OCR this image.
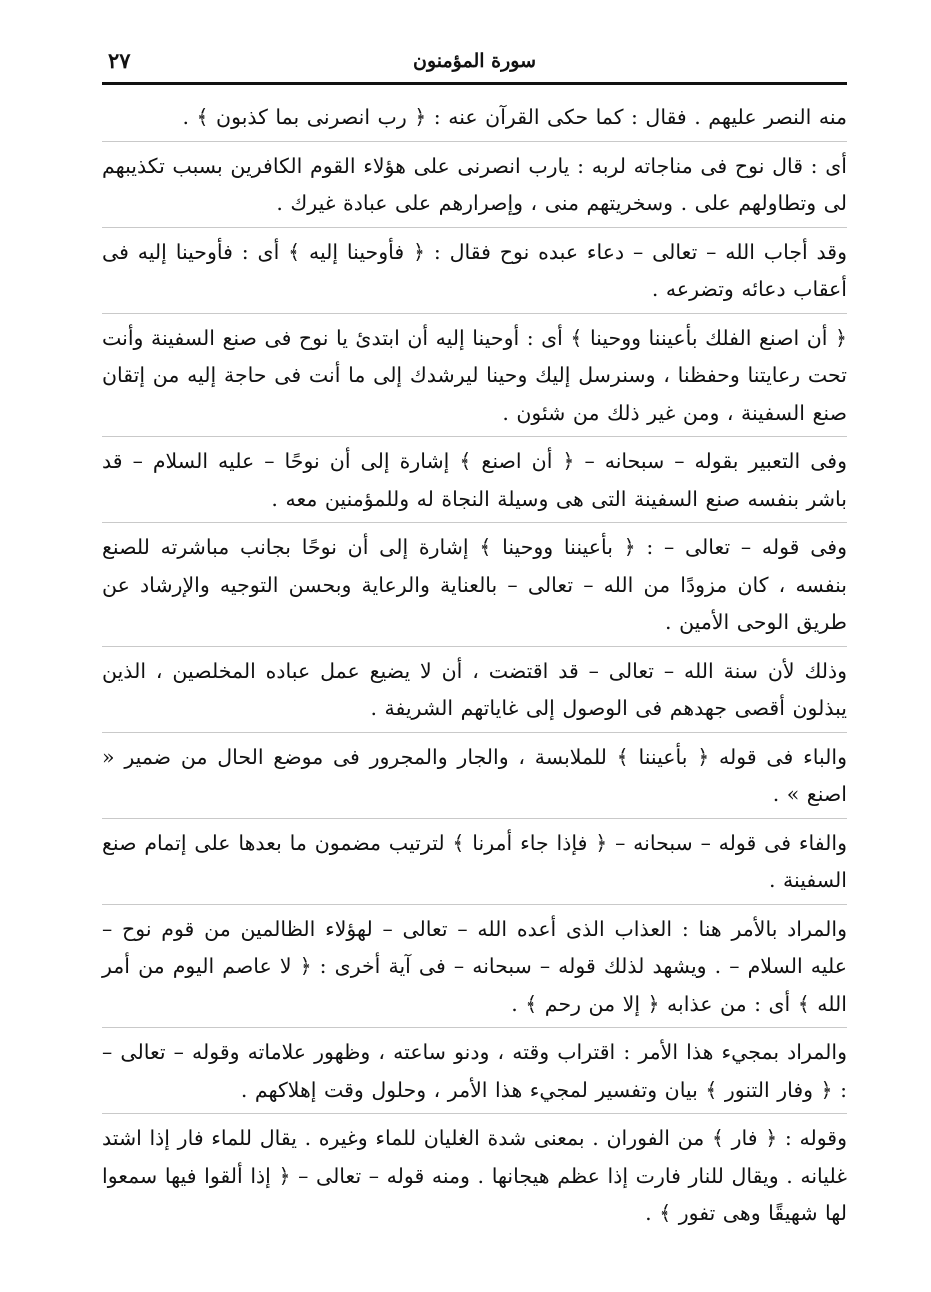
سورة المؤمنون
٢٧

منه النصر عليهم . فقال : كما حكى القرآن عنه : ﴿ رب انصرنى بما كذبون ﴾ .

أى : قال نوح فى مناجاته لربه : يارب انصرنى على هؤلاء القوم الكافرين بسبب تكذيبهم لى وتطاولهم على . وسخريتهم منى ، وإصرارهم على عبادة غيرك .

وقد أجاب الله – تعالى – دعاء عبده نوح فقال : ﴿ فأوحينا إليه ﴾ أى : فأوحينا إليه فى أعقاب دعائه وتضرعه .

﴿ أن اصنع الفلك بأعيننا ووحينا ﴾ أى : أوحينا إليه أن ابتدئ يا نوح فى صنع السفينة وأنت تحت رعايتنا وحفظنا ، وسنرسل إليك وحينا ليرشدك إلى ما أنت فى حاجة إليه من إتقان صنع السفينة ، ومن غير ذلك من شئون .

وفى التعبير بقوله – سبحانه – ﴿ أن اصنع ﴾ إشارة إلى أن نوحًا – عليه السلام – قد باشر بنفسه صنع السفينة التى هى وسيلة النجاة له وللمؤمنين معه .

وفى قوله – تعالى – : ﴿ بأعيننا ووحينا ﴾ إشارة إلى أن نوحًا بجانب مباشرته للصنع بنفسه ، كان مزودًا من الله – تعالى – بالعناية والرعاية وبحسن التوجيه والإرشاد عن طريق الوحى الأمين .

وذلك لأن سنة الله – تعالى – قد اقتضت ، أن لا يضيع عمل عباده المخلصين ، الذين يبذلون أقصى جهدهم فى الوصول إلى غاياتهم الشريفة .

والباء فى قوله ﴿ بأعيننا ﴾ للملابسة ، والجار والمجرور فى موضع الحال من ضمير « اصنع » .

والفاء فى قوله – سبحانه – ﴿ فإذا جاء أمرنا ﴾ لترتيب مضمون ما بعدها على إتمام صنع السفينة .

والمراد بالأمر هنا : العذاب الذى أعده الله – تعالى – لهؤلاء الظالمين من قوم نوح – عليه السلام – . ويشهد لذلك قوله – سبحانه – فى آية أخرى : ﴿ لا عاصم اليوم من أمر الله ﴾ أى : من عذابه ﴿ إلا من رحم ﴾ .

والمراد بمجيء هذا الأمر : اقتراب وقته ، ودنو ساعته ، وظهور علاماته وقوله – تعالى – : ﴿ وفار التنور ﴾ بيان وتفسير لمجيء هذا الأمر ، وحلول وقت إهلاكهم .

وقوله : ﴿ فار ﴾ من الفوران . بمعنى شدة الغليان للماء وغيره . يقال للماء فار إذا اشتد غليانه . ويقال للنار فارت إذا عظم هيجانها . ومنه قوله – تعالى – ﴿ إذا ألقوا فيها سمعوا لها شهيقًا وهى تفور ﴾ .
